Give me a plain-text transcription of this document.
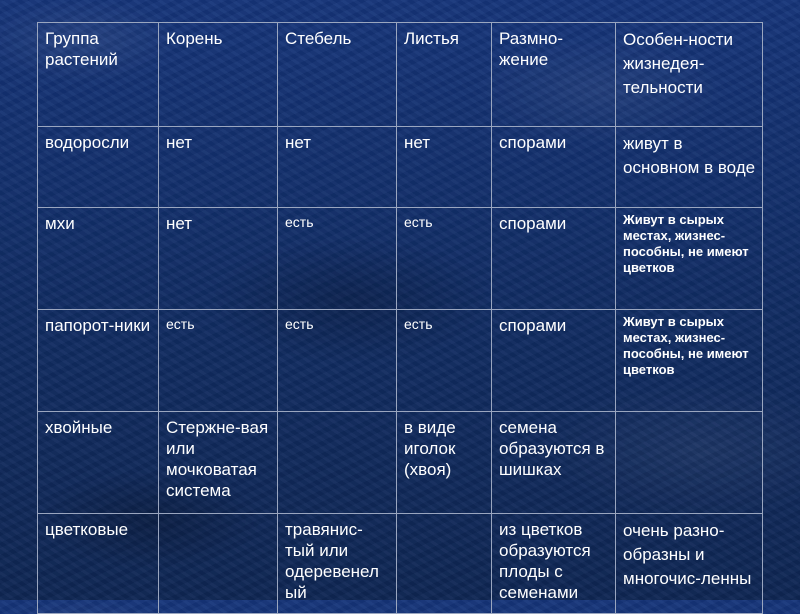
Группа растений	Корень	Стебель	Листья	Размно-жение	Особен-ности жизнедея-тельности
водоросли	нет	нет	нет	спорами	живут в основном в воде
мхи	нет	есть	есть	спорами	Живут в сырых местах, жизнес-пособны, не имеют цветков
папорот-ники	есть	есть	есть	спорами	Живут в сырых местах, жизнес-пособны, не имеют цветков
хвойные	Стержне-вая или мочковатая система		в виде иголок (хвоя)	семена образуются в шишках	
цветковые		травянис-тый или одеревенелый		из цветков образуются плоды с семенами	очень разно-образны и многочис-ленны
